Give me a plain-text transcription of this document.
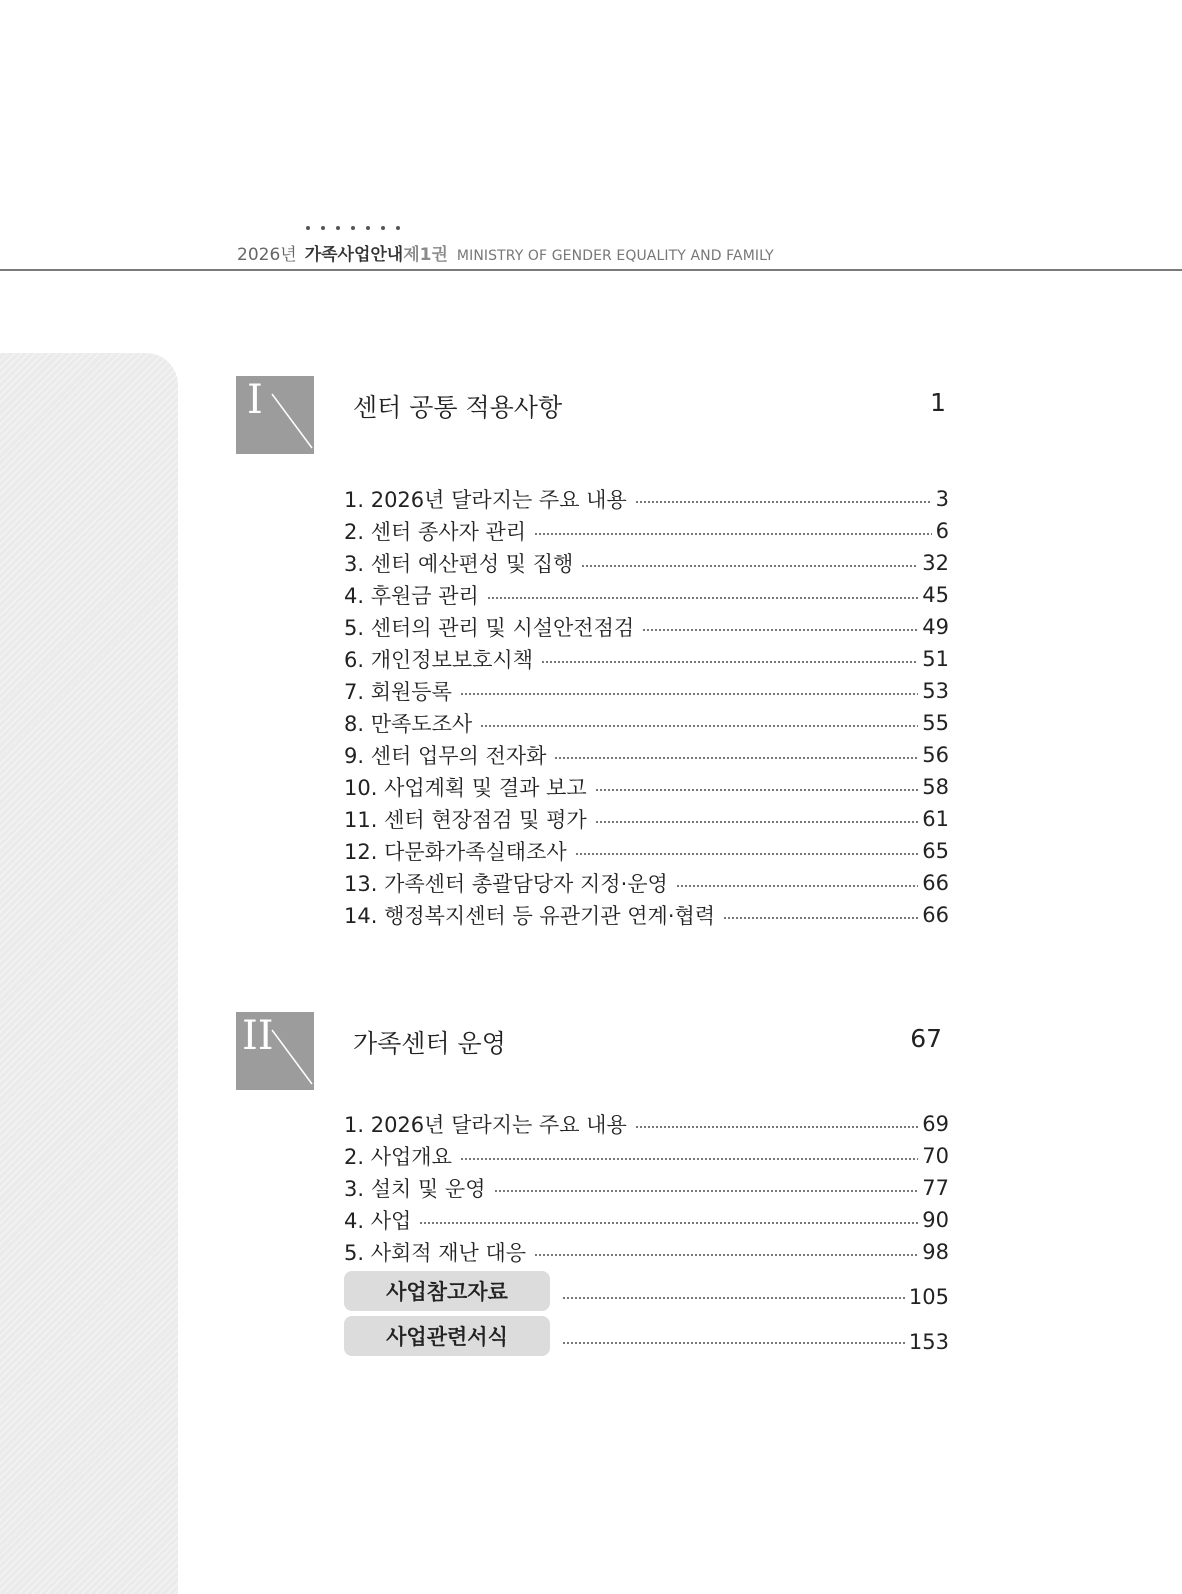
2026년 가족사업안내 제1권 MINISTRY OF GENDER EQUALITY AND FAMILY
I	센터 공통 적용사항	1
1. 2026년 달라지는 주요 내용	3
2. 센터 종사자 관리	6
3. 센터 예산편성 및 집행	32
4. 후원금 관리	45
5. 센터의 관리 및 시설안전점검	49
6. 개인정보보호시책	51
7. 회원등록	53
8. 만족도조사	55
9. 센터 업무의 전자화	56
10. 사업계획 및 결과 보고	58
11. 센터 현장점검 및 평가	61
12. 다문화가족실태조사	65
13. 가족센터 총괄담당자 지정·운영	66
14. 행정복지센터 등 유관기관 연계·협력	66
II	가족센터 운영	67
1. 2026년 달라지는 주요 내용	69
2. 사업개요	70
3. 설치 및 운영	77
4. 사업	90
5. 사회적 재난 대응	98
사업참고자료	105
사업관련서식	153
